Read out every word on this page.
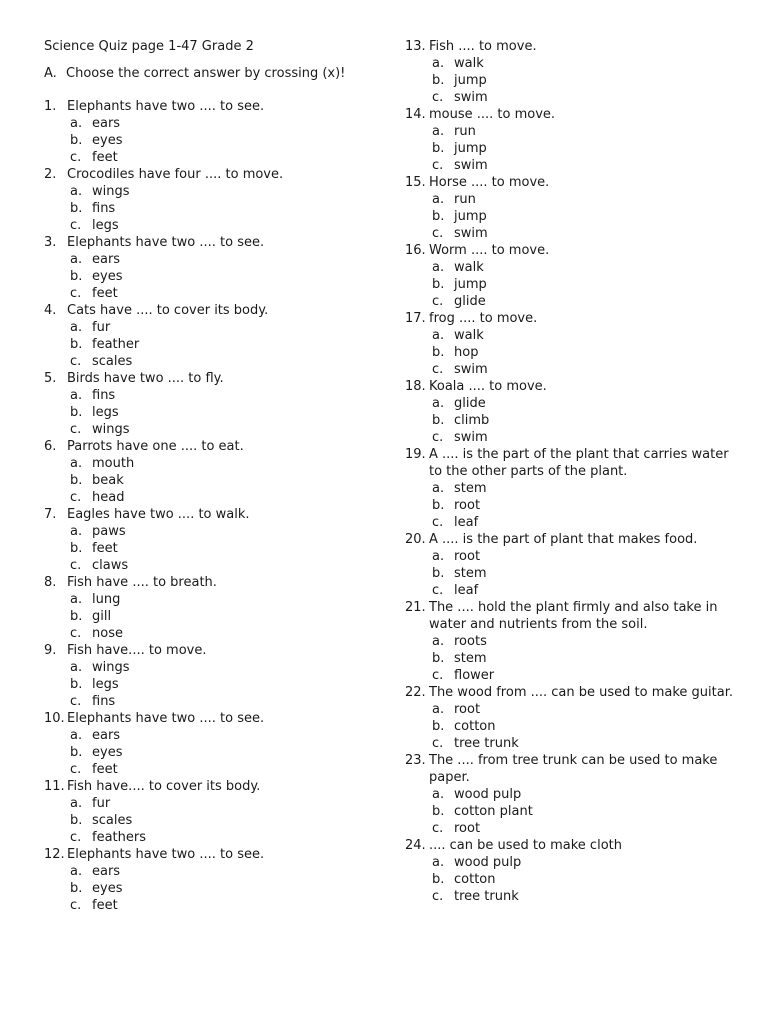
Science Quiz page 1-47 Grade 2
A. Choose the correct answer by crossing (x)!
1. Elephants have two .... to see.
a. ears
b. eyes
c. feet
2. Crocodiles have four .... to move.
a. wings
b. fins
c. legs
3. Elephants have two .... to see.
a. ears
b. eyes
c. feet
4. Cats have .... to cover its body.
a. fur
b. feather
c. scales
5. Birds have two .... to fly.
a. fins
b. legs
c. wings
6. Parrots have one .... to eat.
a. mouth
b. beak
c. head
7. Eagles have two .... to walk.
a. paws
b. feet
c. claws
8. Fish have .... to breath.
a. lung
b. gill
c. nose
9. Fish have.... to move.
a. wings
b. legs
c. fins
10. Elephants have two .... to see.
a. ears
b. eyes
c. feet
11. Fish have.... to cover its body.
a. fur
b. scales
c. feathers
12. Elephants have two .... to see.
a. ears
b. eyes
c. feet
13. Fish .... to move.
a. walk
b. jump
c. swim
14. mouse .... to move.
a. run
b. jump
c. swim
15. Horse .... to move.
a. run
b. jump
c. swim
16. Worm .... to move.
a. walk
b. jump
c. glide
17. frog .... to move.
a. walk
b. hop
c. swim
18. Koala .... to move.
a. glide
b. climb
c. swim
19. A .... is the part of the plant that carries water to the other parts of the plant.
a. stem
b. root
c. leaf
20. A .... is the part of plant that makes food.
a. root
b. stem
c. leaf
21. The .... hold the plant firmly and also take in water and nutrients from the soil.
a. roots
b. stem
c. flower
22. The wood from .... can be used to make guitar.
a. root
b. cotton
c. tree trunk
23. The .... from tree trunk can be used to make paper.
a. wood pulp
b. cotton plant
c. root
24. .... can be used to make cloth
a. wood pulp
b. cotton
c. tree trunk
